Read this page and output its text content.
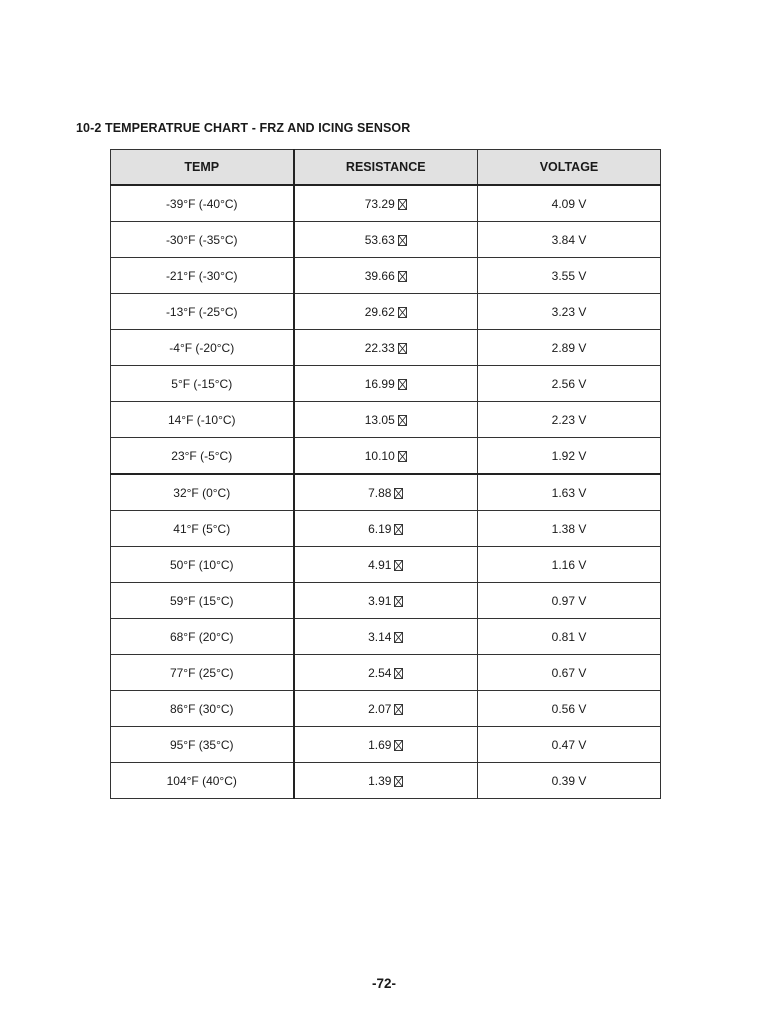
10-2 TEMPERATRUE CHART - FRZ AND ICING SENSOR
TEMP	RESISTANCE	VOLTAGE
-39°F (-40°C)	73.29	4.09 V
-30°F (-35°C)	53.63	3.84 V
-21°F (-30°C)	39.66	3.55 V
-13°F (-25°C)	29.62	3.23 V
-4°F (-20°C)	22.33	2.89 V
5°F (-15°C)	16.99	2.56 V
14°F (-10°C)	13.05	2.23 V
23°F (-5°C)	10.10	1.92 V
32°F (0°C)	7.88	1.63 V
41°F (5°C)	6.19	1.38 V
50°F (10°C)	4.91	1.16 V
59°F (15°C)	3.91	0.97 V
68°F (20°C)	3.14	0.81 V
77°F (25°C)	2.54	0.67 V
86°F (30°C)	2.07	0.56 V
95°F (35°C)	1.69	0.47 V
104°F (40°C)	1.39	0.39 V
-72-
